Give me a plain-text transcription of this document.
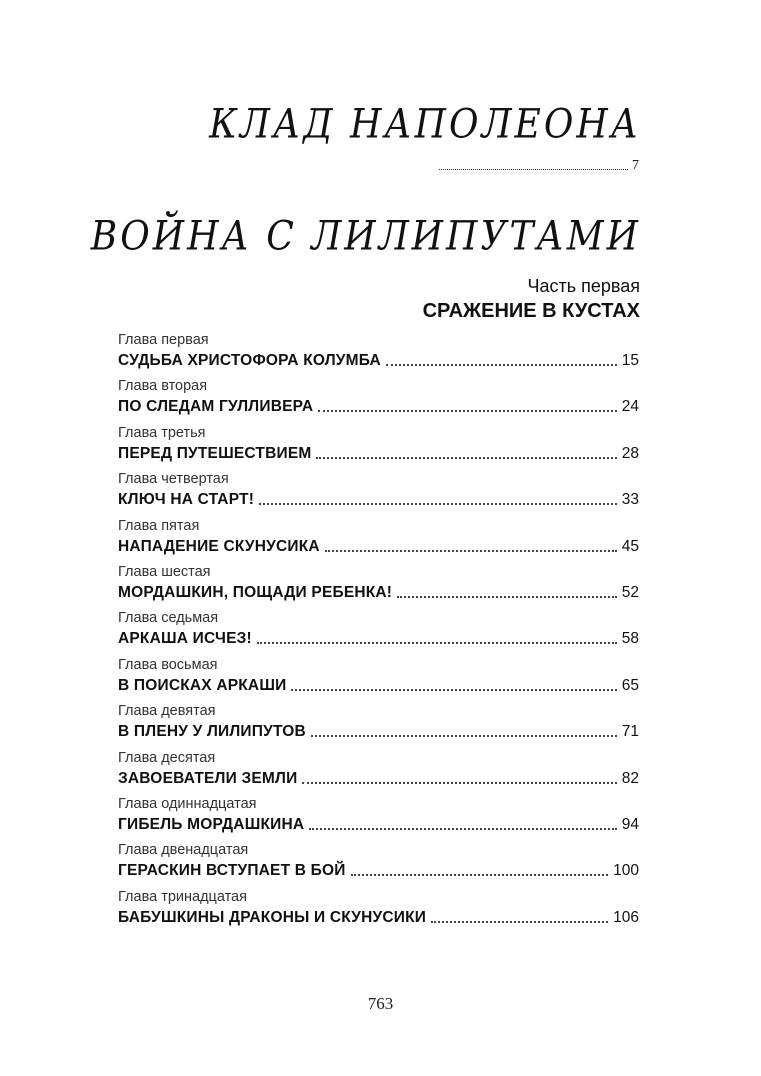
КЛАД НАПОЛЕОНА
7
ВОЙНА С ЛИЛИПУТАМИ
Часть первая
СРАЖЕНИЕ В КУСТАХ
Глава первая
СУДЬБА ХРИСТОФОРА КОЛУМБА	15
Глава вторая
ПО СЛЕДАМ ГУЛЛИВЕРА	24
Глава третья
ПЕРЕД ПУТЕШЕСТВИЕМ	28
Глава четвертая
КЛЮЧ НА СТАРТ!	33
Глава пятая
НАПАДЕНИЕ СКУНУСИКА	45
Глава шестая
МОРДАШКИН, ПОЩАДИ РЕБЕНКА!	52
Глава седьмая
АРКАША ИСЧЕЗ!	58
Глава восьмая
В ПОИСКАХ АРКАШИ	65
Глава девятая
В ПЛЕНУ У ЛИЛИПУТОВ	71
Глава десятая
ЗАВОЕВАТЕЛИ ЗЕМЛИ	82
Глава одиннадцатая
ГИБЕЛЬ МОРДАШКИНА	94
Глава двенадцатая
ГЕРАСКИН ВСТУПАЕТ В БОЙ	100
Глава тринадцатая
БАБУШКИНЫ ДРАКОНЫ И СКУНУСИКИ	106
763
